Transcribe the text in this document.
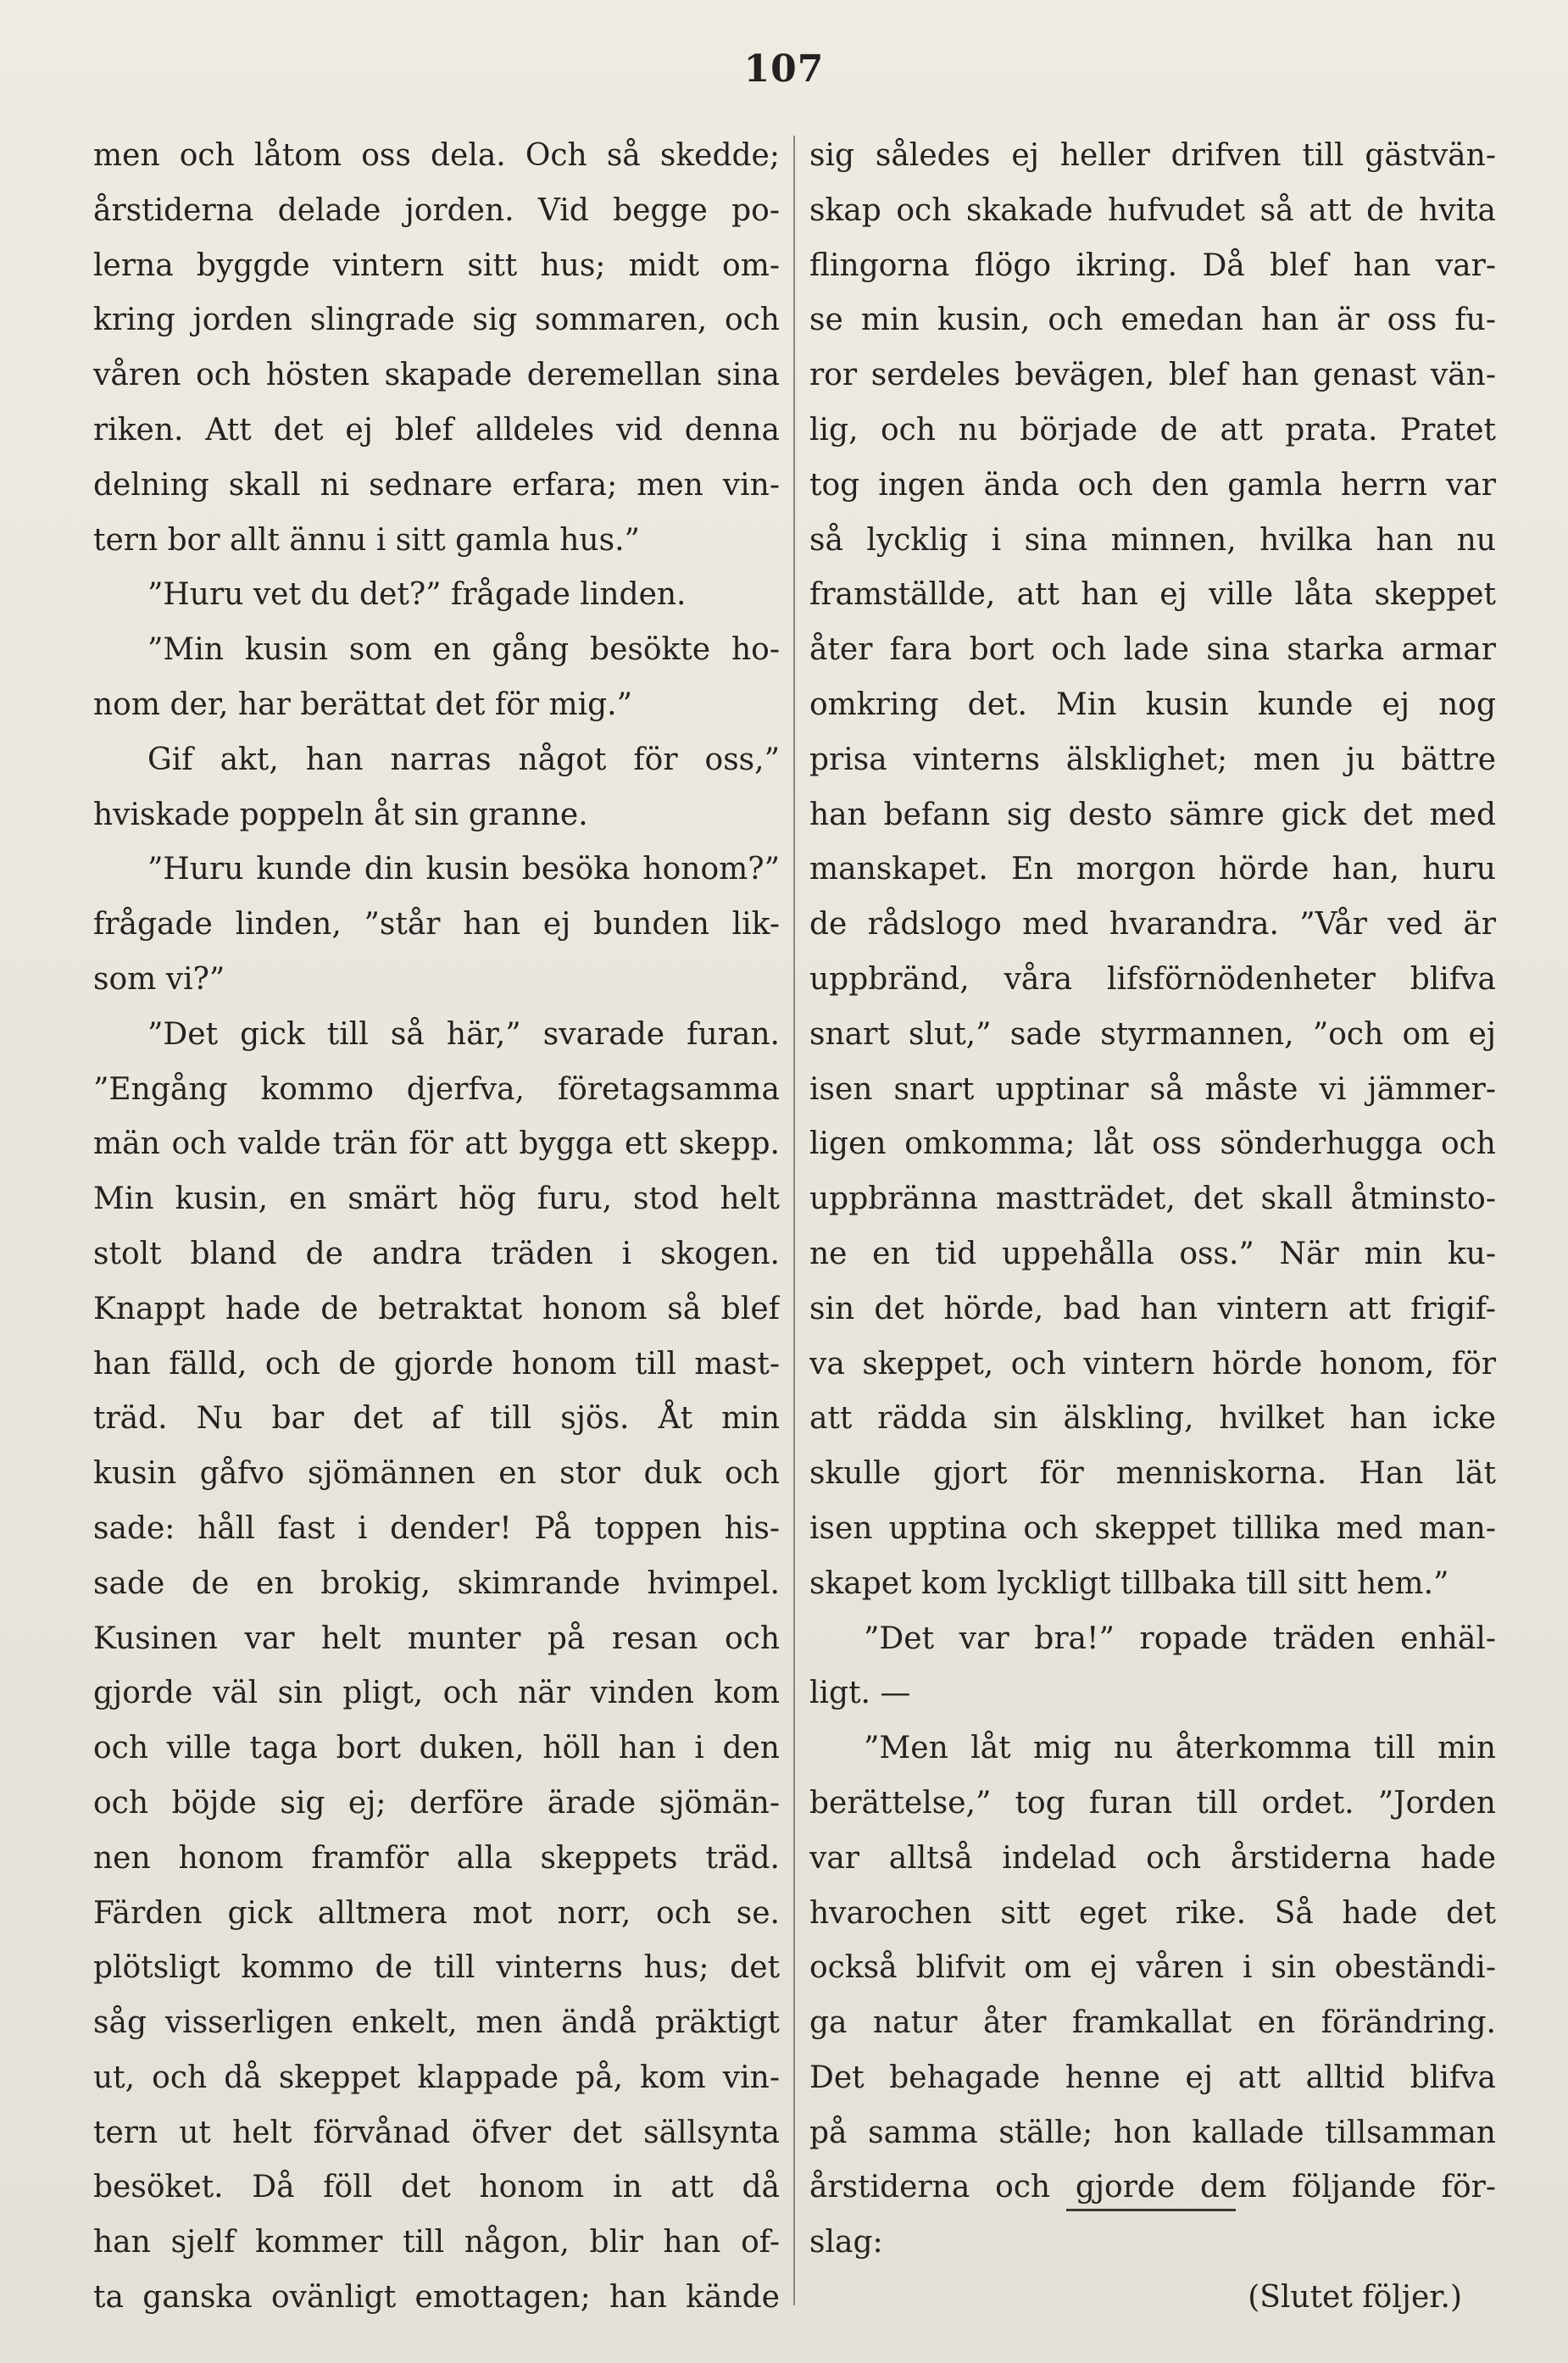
107
men och låtom oss dela. Och så skedde;
årstiderna delade jorden. Vid begge po-
lerna byggde vintern sitt hus; midt om-
kring jorden slingrade sig sommaren, och
våren och hösten skapade deremellan sina
riken. Att det ej blef alldeles vid denna
delning skall ni sednare erfara; men vin-
tern bor allt ännu i sitt gamla hus.”
”Huru vet du det?” frågade linden.
”Min kusin som en gång besökte ho-
nom der, har berättat det för mig.”
Gif akt, han narras något för oss,”
hviskade poppeln åt sin granne.
”Huru kunde din kusin besöka honom?”
frågade linden, ”står han ej bunden lik-
som vi?”
”Det gick till så här,” svarade furan.
”Engång kommo djerfva, företagsamma
män och valde trän för att bygga ett skepp.
Min kusin, en smärt hög furu, stod helt
stolt bland de andra träden i skogen.
Knappt hade de betraktat honom så blef
han fälld, och de gjorde honom till mast-
träd. Nu bar det af till sjös. Åt min
kusin gåfvo sjömännen en stor duk och
sade: håll fast i dender! På toppen his-
sade de en brokig, skimrande hvimpel.
Kusinen var helt munter på resan och
gjorde väl sin pligt, och när vinden kom
och ville taga bort duken, höll han i den
och böjde sig ej; derföre ärade sjömän-
nen honom framför alla skeppets träd.
Färden gick alltmera mot norr, och se.
plötsligt kommo de till vinterns hus; det
såg visserligen enkelt, men ändå präktigt
ut, och då skeppet klappade på, kom vin-
tern ut helt förvånad öfver det sällsynta
besöket. Då föll det honom in att då
han sjelf kommer till någon, blir han of-
ta ganska ovänligt emottagen; han kände
sig således ej heller drifven till gästvän-
skap och skakade hufvudet så att de hvita
flingorna flögo ikring. Då blef han var-
se min kusin, och emedan han är oss fu-
ror serdeles bevägen, blef han genast vän-
lig, och nu började de att prata. Pratet
tog ingen ända och den gamla herrn var
så lycklig i sina minnen, hvilka han nu
framställde, att han ej ville låta skeppet
åter fara bort och lade sina starka armar
omkring det. Min kusin kunde ej nog
prisa vinterns älsklighet; men ju bättre
han befann sig desto sämre gick det med
manskapet. En morgon hörde han, huru
de rådslogo med hvarandra. ”Vår ved är
uppbränd, våra lifsförnödenheter blifva
snart slut,” sade styrmannen, ”och om ej
isen snart upptinar så måste vi jämmer-
ligen omkomma; låt oss sönderhugga och
uppbränna mastträdet, det skall åtminsto-
ne en tid uppehålla oss.” När min ku-
sin det hörde, bad han vintern att frigif-
va skeppet, och vintern hörde honom, för
att rädda sin älskling, hvilket han icke
skulle gjort för menniskorna. Han lät
isen upptina och skeppet tillika med man-
skapet kom lyckligt tillbaka till sitt hem.”
”Det var bra!” ropade träden enhäl-
ligt. —
”Men låt mig nu återkomma till min
berättelse,” tog furan till ordet. ”Jorden
var alltså indelad och årstiderna hade
hvarochen sitt eget rike. Så hade det
också blifvit om ej våren i sin obeständi-
ga natur åter framkallat en förändring.
Det behagade henne ej att alltid blifva
på samma ställe; hon kallade tillsamman
årstiderna och gjorde dem följande för-
slag:
(Slutet följer.)
